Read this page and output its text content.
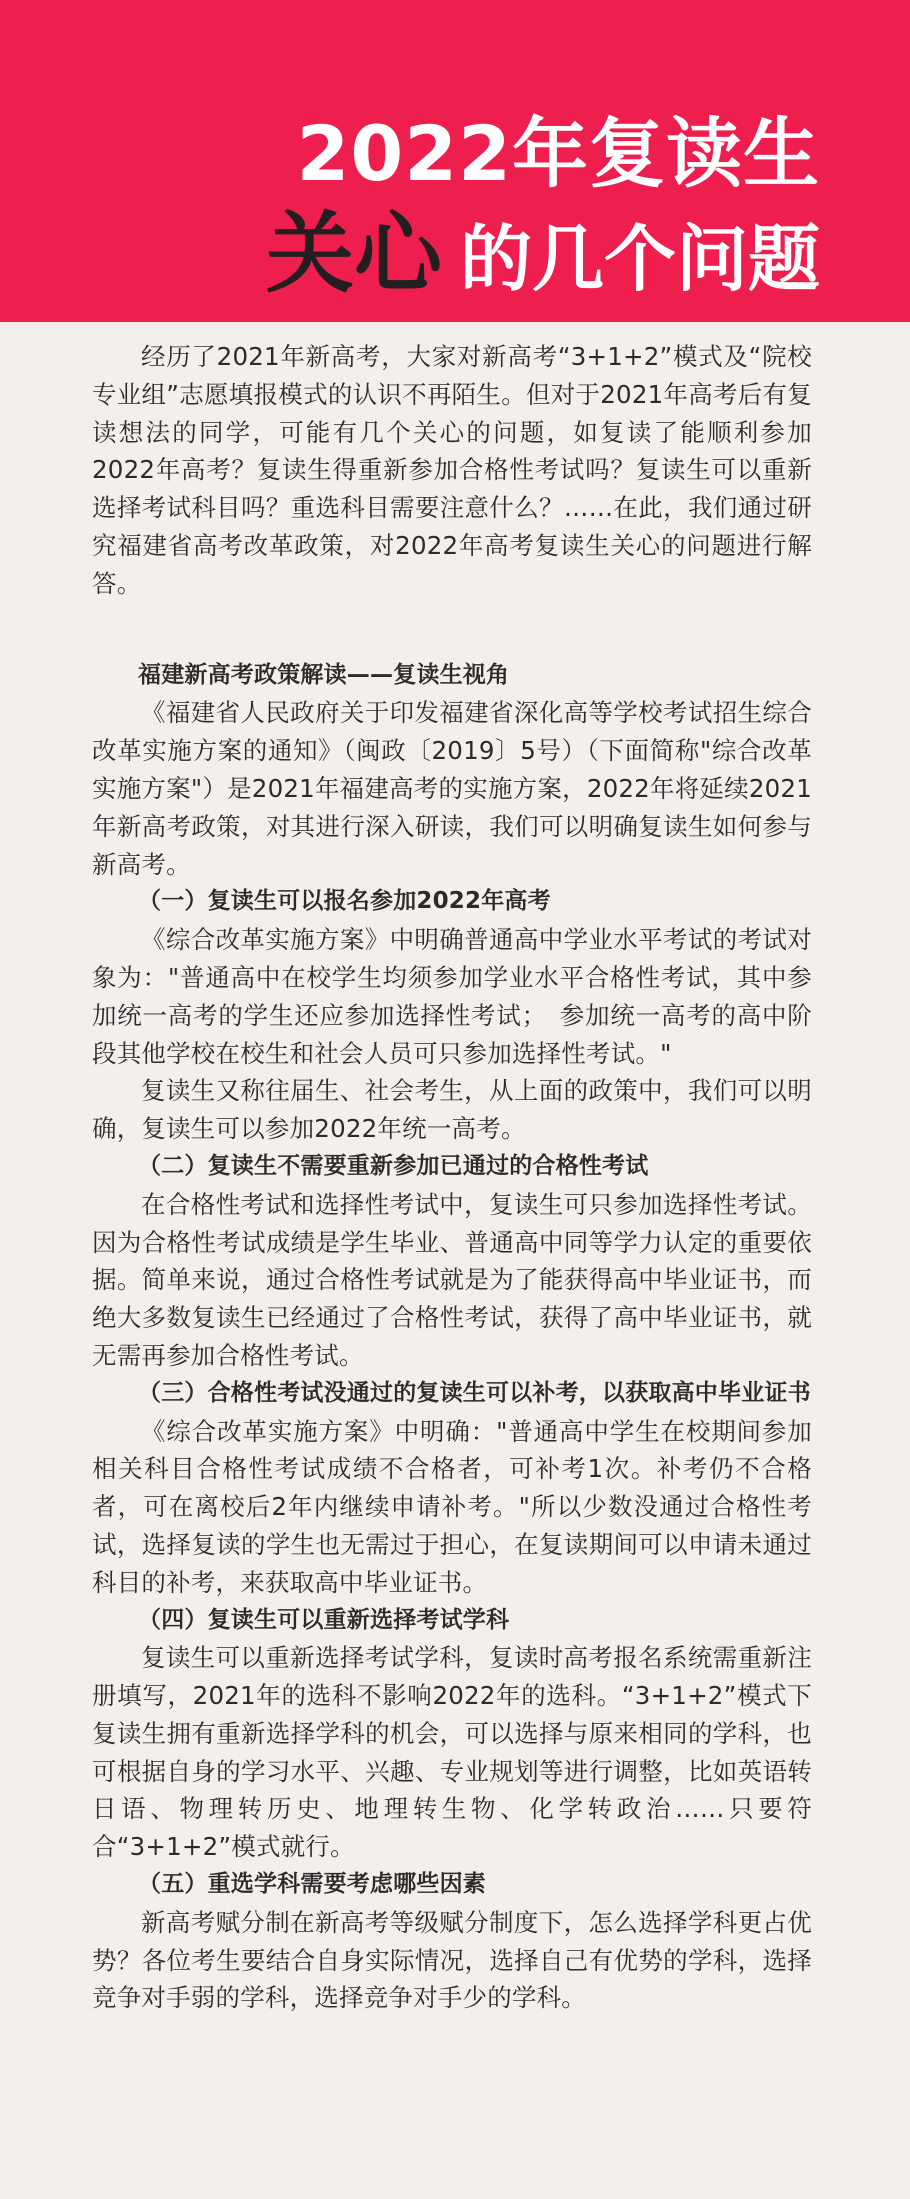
2022年复读生
关心 的几个问题

经历了2021年新高考，大家对新高考“3+1+2”模式及“院校专业组”志愿填报模式的认识不再陌生。但对于2021年高考后有复读想法的同学，可能有几个关心的问题，如复读了能顺利参加 2022年高考？复读生得重新参加合格性考试吗？复读生可以重新选择考试科目吗？重选科目需要注意什么？……在此，我们通过研究福建省高考改革政策，对2022年高考复读生关心的问题进行解答。

福建新高考政策解读——复读生视角

《福建省人民政府关于印发福建省深化高等学校考试招生综合改革实施方案的通知》（闽政〔2019〕5号）（下面简称"综合改革实施方案"）是2021年福建高考的实施方案，2022年将延续2021年新高考政策，对其进行深入研读，我们可以明确复读生如何参与新高考。

（一）复读生可以报名参加2022年高考

《综合改革实施方案》中明确普通高中学业水平考试的考试对象为："普通高中在校学生均须参加学业水平合格性考试，其中参加统一高考的学生还应参加选择性考试；　参加统一高考的高中阶段其他学校在校生和社会人员可只参加选择性考试。"

复读生又称往届生、社会考生，从上面的政策中，我们可以明确，复读生可以参加2022年统一高考。

（二）复读生不需要重新参加已通过的合格性考试

在合格性考试和选择性考试中，复读生可只参加选择性考试。因为合格性考试成绩是学生毕业、普通高中同等学力认定的重要依据。简单来说，通过合格性考试就是为了能获得高中毕业证书，而绝大多数复读生已经通过了合格性考试，获得了高中毕业证书，就无需再参加合格性考试。

（三）合格性考试没通过的复读生可以补考，以获取高中毕业证书

《综合改革实施方案》中明确："普通高中学生在校期间参加相关科目合格性考试成绩不合格者，可补考1次。补考仍不合格者，可在离校后2年内继续申请补考。"所以少数没通过合格性考试，选择复读的学生也无需过于担心，在复读期间可以申请未通过科目的补考，来获取高中毕业证书。

（四）复读生可以重新选择考试学科

复读生可以重新选择考试学科，复读时高考报名系统需重新注册填写，2021年的选科不影响2022年的选科。“3+1+2”模式下复读生拥有重新选择学科的机会，可以选择与原来相同的学科，也可根据自身的学习水平、兴趣、专业规划等进行调整，比如英语转日语、物理转历史、地理转生物、化学转政治……只要符合“3+1+2”模式就行。

（五）重选学科需要考虑哪些因素

新高考赋分制在新高考等级赋分制度下，怎么选择学科更占优势？各位考生要结合自身实际情况，选择自己有优势的学科，选择竞争对手弱的学科，选择竞争对手少的学科。
